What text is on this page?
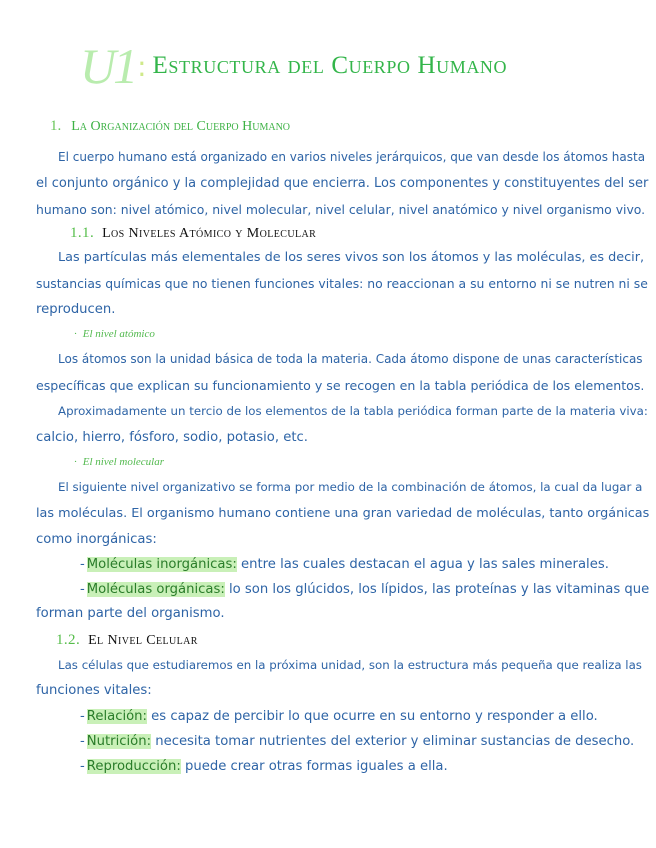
U1: Estructura del Cuerpo Humano
1. La Organización del Cuerpo Humano
El cuerpo humano está organizado en varios niveles jerárquicos, que van desde los átomos hasta
el conjunto orgánico y la complejidad que encierra. Los componentes y constituyentes del ser
humano son: nivel atómico, nivel molecular, nivel celular, nivel anatómico y nivel organismo vivo.
1.1. Los Niveles Atómico y Molecular
Las partículas más elementales de los seres vivos son los átomos y las moléculas, es decir,
sustancias químicas que no tienen funciones vitales: no reaccionan a su entorno ni se nutren ni se
reproducen.
· El nivel atómico
Los átomos son la unidad básica de toda la materia. Cada átomo dispone de unas características
específicas que explican su funcionamiento y se recogen en la tabla periódica de los elementos.
Aproximadamente un tercio de los elementos de la tabla periódica forman parte de la materia viva:
calcio, hierro, fósforo, sodio, potasio, etc.
· El nivel molecular
El siguiente nivel organizativo se forma por medio de la combinación de átomos, la cual da lugar a
las moléculas. El organismo humano contiene una gran variedad de moléculas, tanto orgánicas
como inorgánicas:
- Moléculas inorgánicas: entre las cuales destacan el agua y las sales minerales.
- Moléculas orgánicas: lo son los glúcidos, los lípidos, las proteínas y las vitaminas que
forman parte del organismo.
1.2. El Nivel Celular
Las células que estudiaremos en la próxima unidad, son la estructura más pequeña que realiza las
funciones vitales:
- Relación: es capaz de percibir lo que ocurre en su entorno y responder a ello.
- Nutrición: necesita tomar nutrientes del exterior y eliminar sustancias de desecho.
- Reproducción: puede crear otras formas iguales a ella.
